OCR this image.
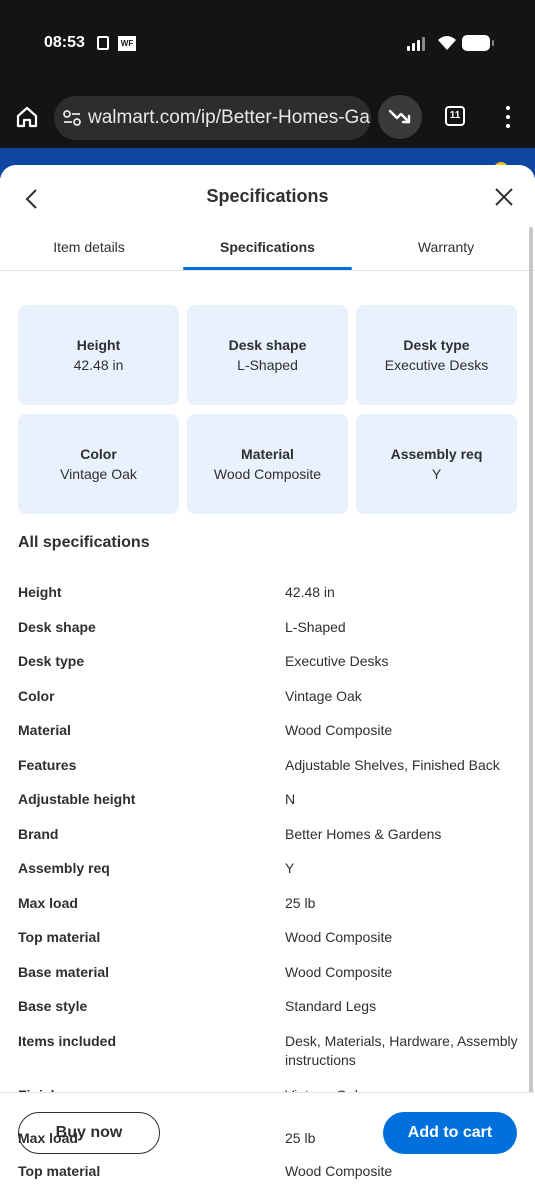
08:53	WF
walmart.com/ip/Better-Homes-Ga	11
Specifications
Item details	Specifications	Warranty
Height
42.48 in
Desk shape
L-Shaped
Desk type
Executive Desks
Color
Vintage Oak
Material
Wood Composite
Assembly req
Y
All specifications
Height	42.48 in
Desk shape	L-Shaped
Desk type	Executive Desks
Color	Vintage Oak
Material	Wood Composite
Features	Adjustable Shelves, Finished Back
Adjustable height	N
Brand	Better Homes & Gardens
Assembly req	Y
Max load	25 lb
Top material	Wood Composite
Base material	Wood Composite
Base style	Standard Legs
Items included	Desk, Materials, Hardware, Assembly instructions
Buy now	Add to cart
Max load	25 lb
Top material	Wood Composite
